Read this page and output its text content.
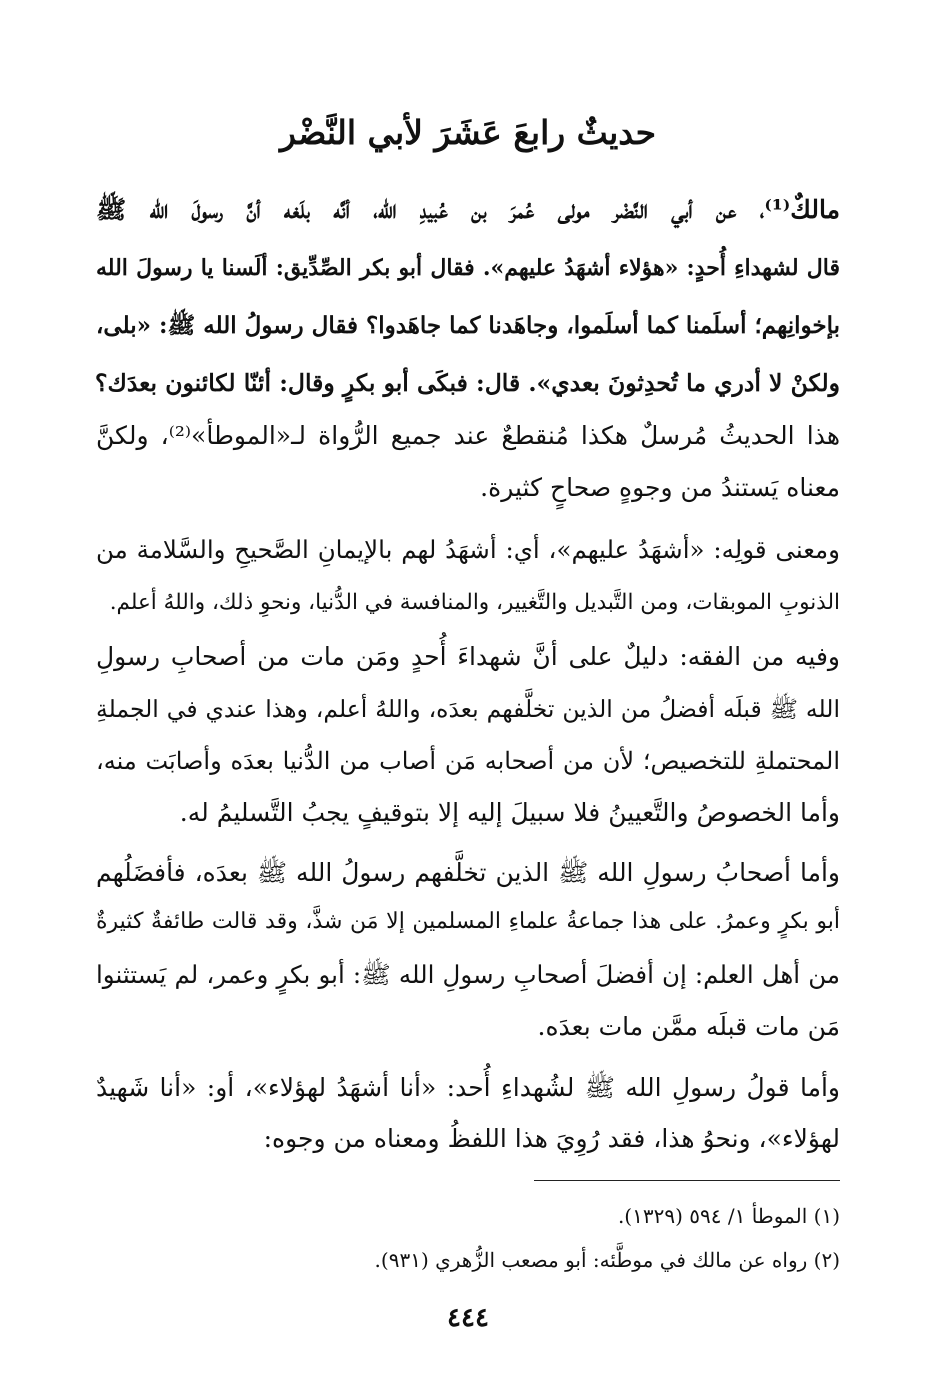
حديثٌ رابعَ عَشَرَ لأبي النَّضْر
مالكٌ⁽¹⁾، عن أبي النَّضْر مولى عُمرَ بن عُبيدِ الله، أنَّه بلَغه أنَّ رسولَ الله ﷺ
قال لشهداءِ أُحدٍ: «هؤلاء أشهَدُ عليهم». فقال أبو بكر الصِّدِّيق: ألَسنا يا رسولَ الله
بإخوانِهم؛ أسلَمنا كما أسلَموا، وجاهَدنا كما جاهَدوا؟ فقال رسولُ الله ﷺ: «بلى،
ولكنْ لا أدري ما تُحدِثونَ بعدي». قال: فبكَى أبو بكرٍ وقال: أئنّا لكائنون بعدَك؟
هذا الحديثُ مُرسلٌ هكذا مُنقطعٌ عند جميع الرُّواة لـ«الموطأ»⁽²⁾، ولكنَّ
معناه يَستندُ من وجوهٍ صحاحٍ كثيرة.
ومعنى قولِه: «أشهَدُ عليهم»، أي: أشهَدُ لهم بالإيمانِ الصَّحيحِ والسَّلامة من
الذنوبِ الموبقات، ومن التَّبديل والتَّغيير، والمنافسة في الدُّنيا، ونحوِ ذلك، واللهُ أعلم.
وفيه من الفقه: دليلٌ على أنَّ شهداءَ أُحدٍ ومَن مات من أصحابِ رسولِ
الله ﷺ قبلَه أفضلُ من الذين تخلَّفهم بعدَه، واللهُ أعلم، وهذا عندي في الجملةِ
المحتملةِ للتخصيص؛ لأن من أصحابه مَن أصاب من الدُّنيا بعدَه وأصابَت منه،
وأما الخصوصُ والتَّعيينُ فلا سبيلَ إليه إلا بتوقيفٍ يجبُ التَّسليمُ له.
وأما أصحابُ رسولِ الله ﷺ الذين تخلَّفهم رسولُ الله ﷺ بعدَه، فأفضَلُهم
أبو بكرٍ وعمرُ. على هذا جماعةُ علماءِ المسلمين إلا مَن شذَّ، وقد قالت طائفةٌ كثيرةٌ
من أهل العلم: إن أفضلَ أصحابِ رسولِ الله ﷺ: أبو بكرٍ وعمر، لم يَستثنوا
مَن مات قبلَه ممَّن مات بعدَه.
وأما قولُ رسولِ الله ﷺ لشُهداءِ أُحد: «أنا أشهَدُ لهؤلاء»، أو: «أنا شَهيدٌ
لهؤلاء»، ونحوُ هذا، فقد رُوِيَ هذا اللفظُ ومعناه من وجوه:
(١) الموطأ ١/ ٥٩٤ (١٣٢٩).
(٢) رواه عن مالك في موطَّئه: أبو مصعب الزُّهري (٩٣١).
٤٤٤
